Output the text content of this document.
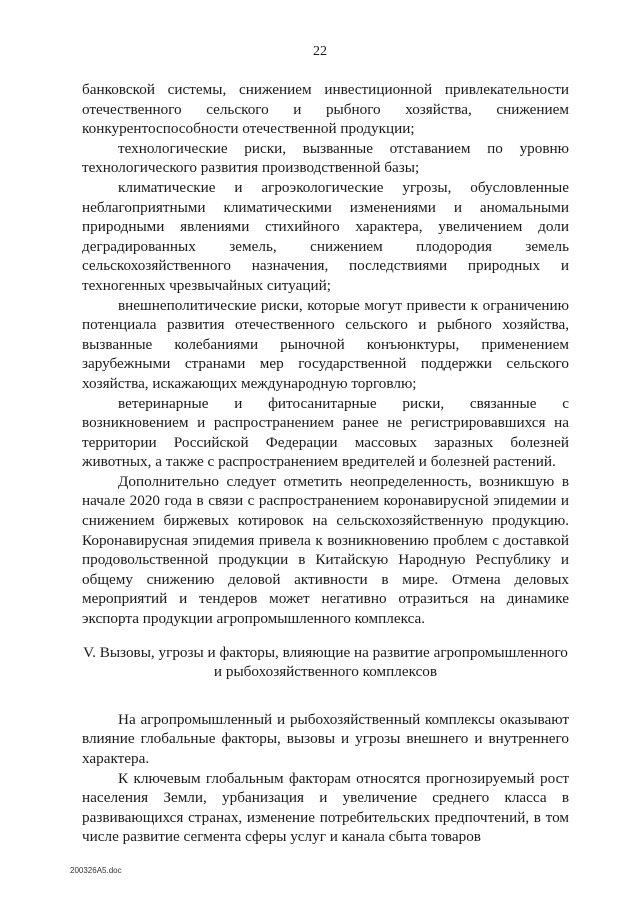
22

банковской системы, снижением инвестиционной привлекательности отечественного сельского и рыбного хозяйства, снижением конкурентоспособности отечественной продукции;

технологические риски, вызванные отставанием по уровню технологического развития производственной базы;

климатические и агроэкологические угрозы, обусловленные неблагоприятными климатическими изменениями и аномальными природными явлениями стихийного характера, увеличением доли деградированных земель, снижением плодородия земель сельскохозяйственного назначения, последствиями природных и техногенных чрезвычайных ситуаций;

внешнеполитические риски, которые могут привести к ограничению потенциала развития отечественного сельского и рыбного хозяйства, вызванные колебаниями рыночной конъюнктуры, применением зарубежными странами мер государственной поддержки сельского хозяйства, искажающих международную торговлю;

ветеринарные и фитосанитарные риски, связанные с возникновением и распространением ранее не регистрировавшихся на территории Российской Федерации массовых заразных болезней животных, а также с распространением вредителей и болезней растений.

Дополнительно следует отметить неопределенность, возникшую в начале 2020 года в связи с распространением коронавирусной эпидемии и снижением биржевых котировок на сельскохозяйственную продукцию. Коронавирусная эпидемия привела к возникновению проблем с доставкой продовольственной продукции в Китайскую Народную Республику и общему снижению деловой активности в мире. Отмена деловых мероприятий и тендеров может негативно отразиться на динамике экспорта продукции агропромышленного комплекса.

V. Вызовы, угрозы и факторы, влияющие на развитие агропромышленного
и рыбохозяйственного комплексов

На агропромышленный и рыбохозяйственный комплексы оказывают влияние глобальные факторы, вызовы и угрозы внешнего и внутреннего характера.

К ключевым глобальным факторам относятся прогнозируемый рост населения Земли, урбанизация и увеличение среднего класса в развивающихся странах, изменение потребительских предпочтений, в том числе развитие сегмента сферы услуг и канала сбыта товаров

200326A5.doc
